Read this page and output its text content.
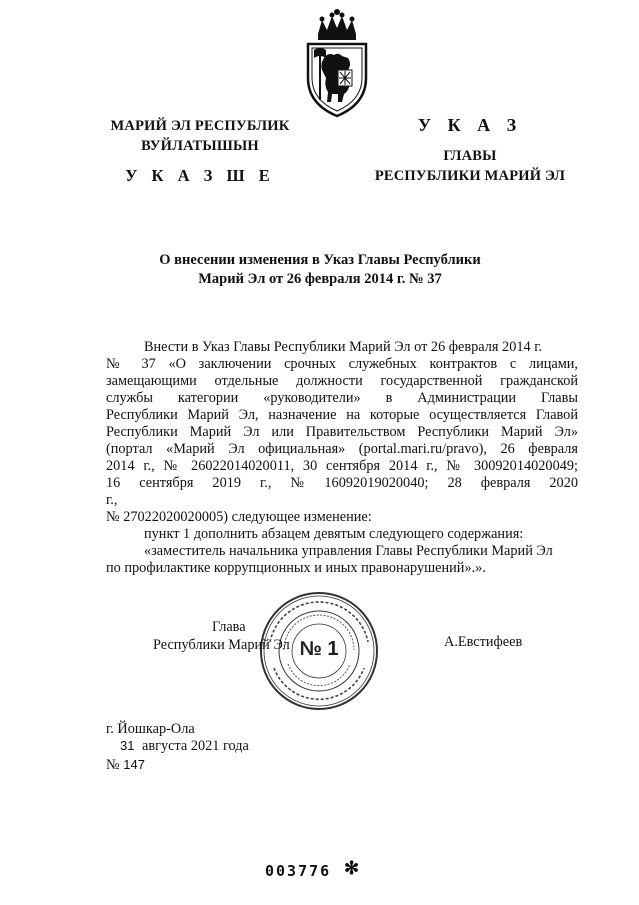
МАРИЙ ЭЛ РЕСПУБЛИК
ВУЙЛАТЫШЫН
У К А З Ш Е
У К А З
ГЛАВЫ
РЕСПУБЛИКИ МАРИЙ ЭЛ
О внесении изменения в Указ Главы Республики
Марий Эл от 26 февраля 2014 г. № 37
Внести в Указ Главы Республики Марий Эл от 26 февраля 2014 г.
№ 37 «О заключении срочных служебных контрактов с лицами,
замещающими отдельные должности государственной гражданской
службы категории «руководители» в Администрации Главы
Республики Марий Эл, назначение на которые осуществляется Главой
Республики Марий Эл или Правительством Республики Марий Эл»
(портал «Марий Эл официальная» (portal.mari.ru/pravo), 26 февраля
2014 г., № 26022014020011, 30 сентября 2014 г., № 30092014020049;
16 сентября 2019 г., № 16092019020040; 28 февраля 2020 г.,
№ 27022020020005) следующее изменение:
пункт 1 дополнить абзацем девятым следующего содержания:
«заместитель начальника управления Главы Республики Марий Эл
по профилактике коррупционных и иных правонарушений».».
№ 1
Глава
Республики Марий Эл	А.Евстифеев
г. Йошкар-Ола
31 августа 2021 года
№ 147
003776 ✻
